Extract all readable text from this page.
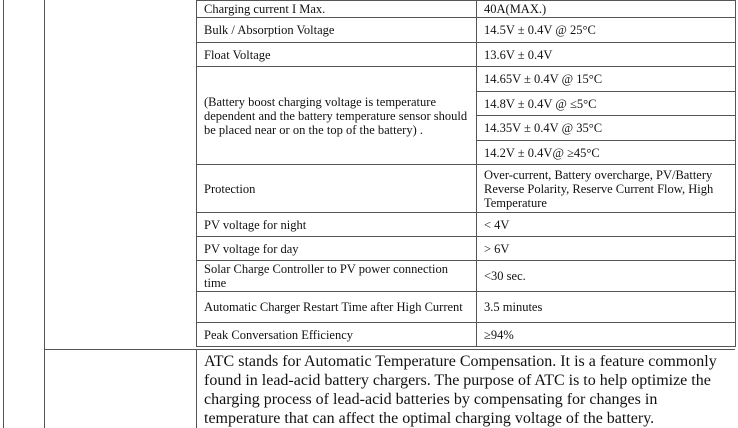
Charging current I Max.	40A(MAX.)
Bulk / Absorption Voltage	14.5V ± 0.4V @ 25°C
Float Voltage	13.6V ± 0.4V
(Battery boost charging voltage is temperature dependent and the battery temperature sensor should be placed near or on the top of the battery) .	14.65V ± 0.4V @ 15°C
	14.8V ± 0.4V @ ≤5°C
	14.35V ± 0.4V @ 35°C
	14.2V ± 0.4V@ ≥45°C
Protection	Over-current, Battery overcharge, PV/Battery Reverse Polarity, Reserve Current Flow, High Temperature
PV voltage for night	< 4V
PV voltage for day	> 6V
Solar Charge Controller to PV power connection time	<30 sec.
Automatic Charger Restart Time after High Current	3.5 minutes
Peak Conversation Efficiency	≥94%
ATC stands for Automatic Temperature Compensation. It is a feature commonly found in lead-acid battery chargers. The purpose of ATC is to help optimize the charging process of lead-acid batteries by compensating for changes in temperature that can affect the optimal charging voltage of the battery.
